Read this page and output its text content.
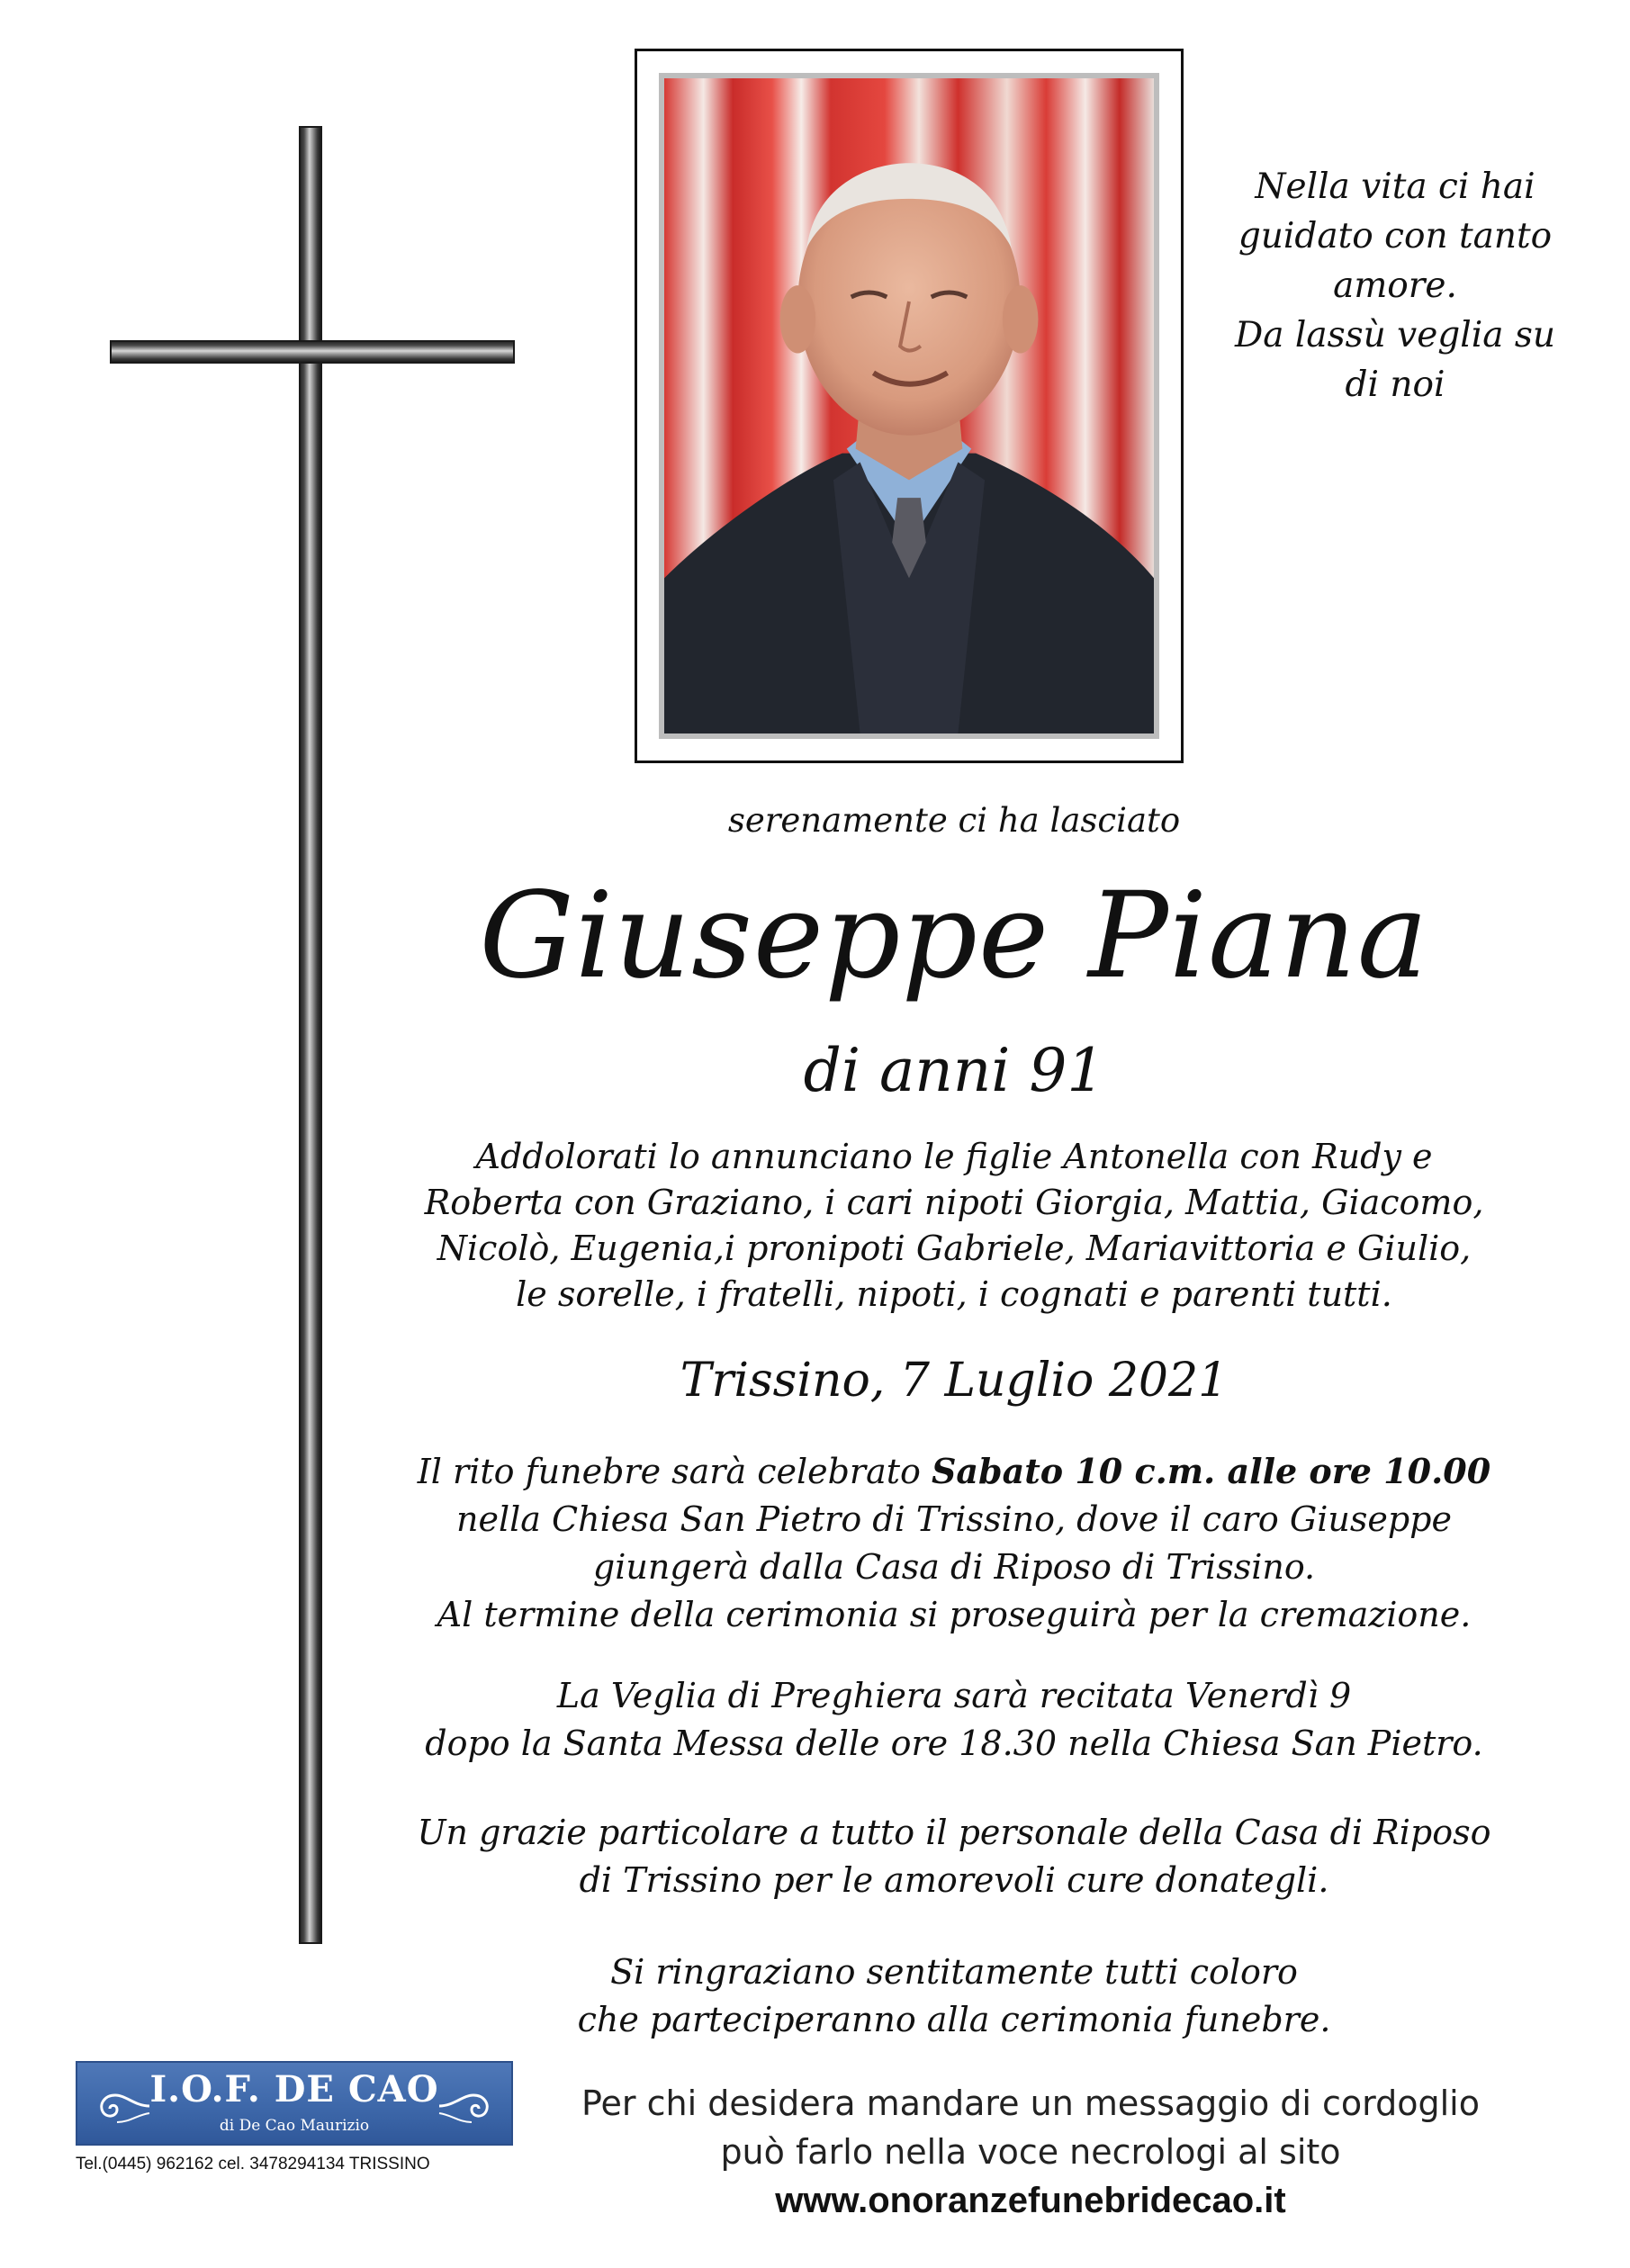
Nella vita ci hai
guidato con tanto
amore.
Da lassù veglia su
di noi
serenamente ci ha lasciato
Giuseppe Piana
di anni 91
Addolorati lo annunciano le figlie Antonella con Rudy e
Roberta con Graziano, i cari nipoti Giorgia, Mattia, Giacomo,
Nicolò, Eugenia,i pronipoti Gabriele, Mariavittoria e Giulio,
le sorelle, i fratelli, nipoti, i cognati e parenti tutti.
Trissino, 7 Luglio 2021
Il rito funebre sarà celebrato Sabato 10 c.m. alle ore 10.00
nella Chiesa San Pietro di Trissino, dove il caro Giuseppe
giungerà dalla Casa di Riposo di Trissino.
Al termine della cerimonia si proseguirà per la cremazione.
La Veglia di Preghiera sarà recitata Venerdì 9
dopo la Santa Messa delle ore 18.30 nella Chiesa San Pietro.
Un grazie particolare a tutto il personale della Casa di Riposo
di Trissino per le amorevoli cure donategli.
Si ringraziano sentitamente tutti coloro
che parteciperanno alla cerimonia funebre.
I.O.F. DE CAO
di De Cao Maurizio
Tel.(0445) 962162 cel. 3478294134 TRISSINO
Per chi desidera mandare un messaggio di cordoglio
può farlo nella voce necrologi al sito
www.onoranzefunebridecao.it
